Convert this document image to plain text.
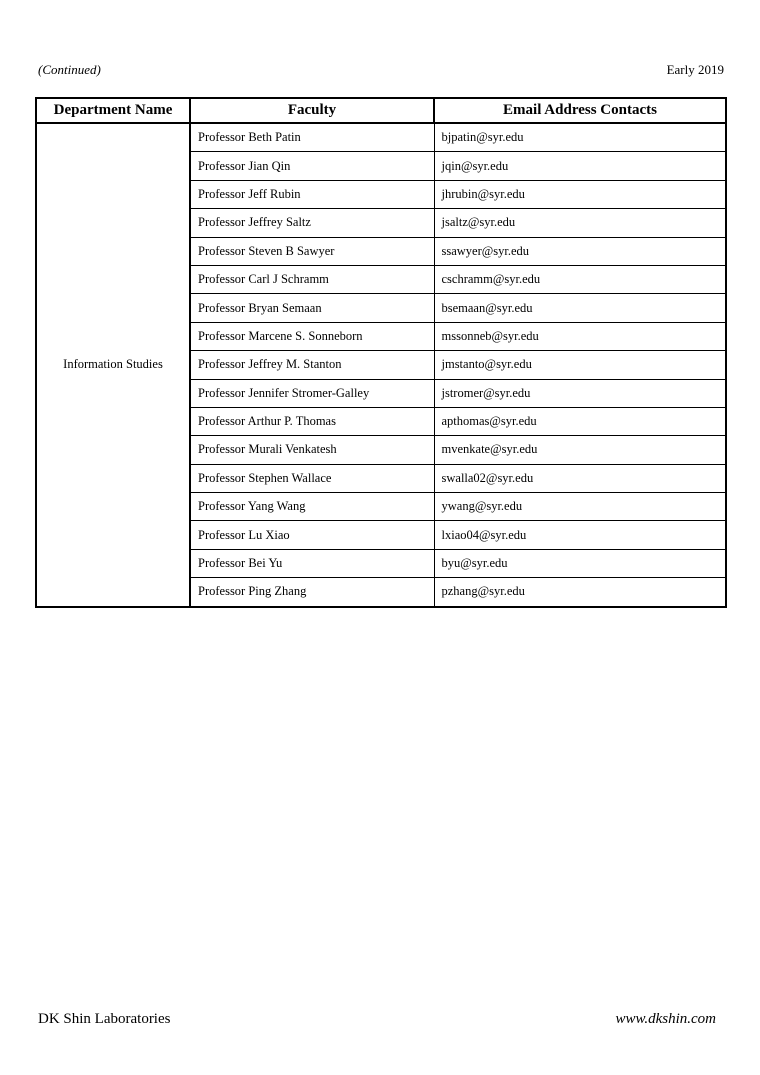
(Continued)	Early 2019
Department Name	Faculty	Email Address Contacts
Information Studies	Professor Beth Patin	bjpatin@syr.edu
	Professor Jian Qin	jqin@syr.edu
	Professor Jeff Rubin	jhrubin@syr.edu
	Professor Jeffrey Saltz	jsaltz@syr.edu
	Professor Steven B Sawyer	ssawyer@syr.edu
	Professor Carl J Schramm	cschramm@syr.edu
	Professor Bryan Semaan	bsemaan@syr.edu
	Professor Marcene S. Sonneborn	mssonneb@syr.edu
	Professor Jeffrey M. Stanton	jmstanto@syr.edu
	Professor Jennifer Stromer-Galley	jstromer@syr.edu
	Professor Arthur P. Thomas	apthomas@syr.edu
	Professor Murali Venkatesh	mvenkate@syr.edu
	Professor Stephen Wallace	swalla02@syr.edu
	Professor Yang Wang	ywang@syr.edu
	Professor Lu Xiao	lxiao04@syr.edu
	Professor Bei Yu	byu@syr.edu
	Professor Ping Zhang	pzhang@syr.edu
DK Shin Laboratories	www.dkshin.com
